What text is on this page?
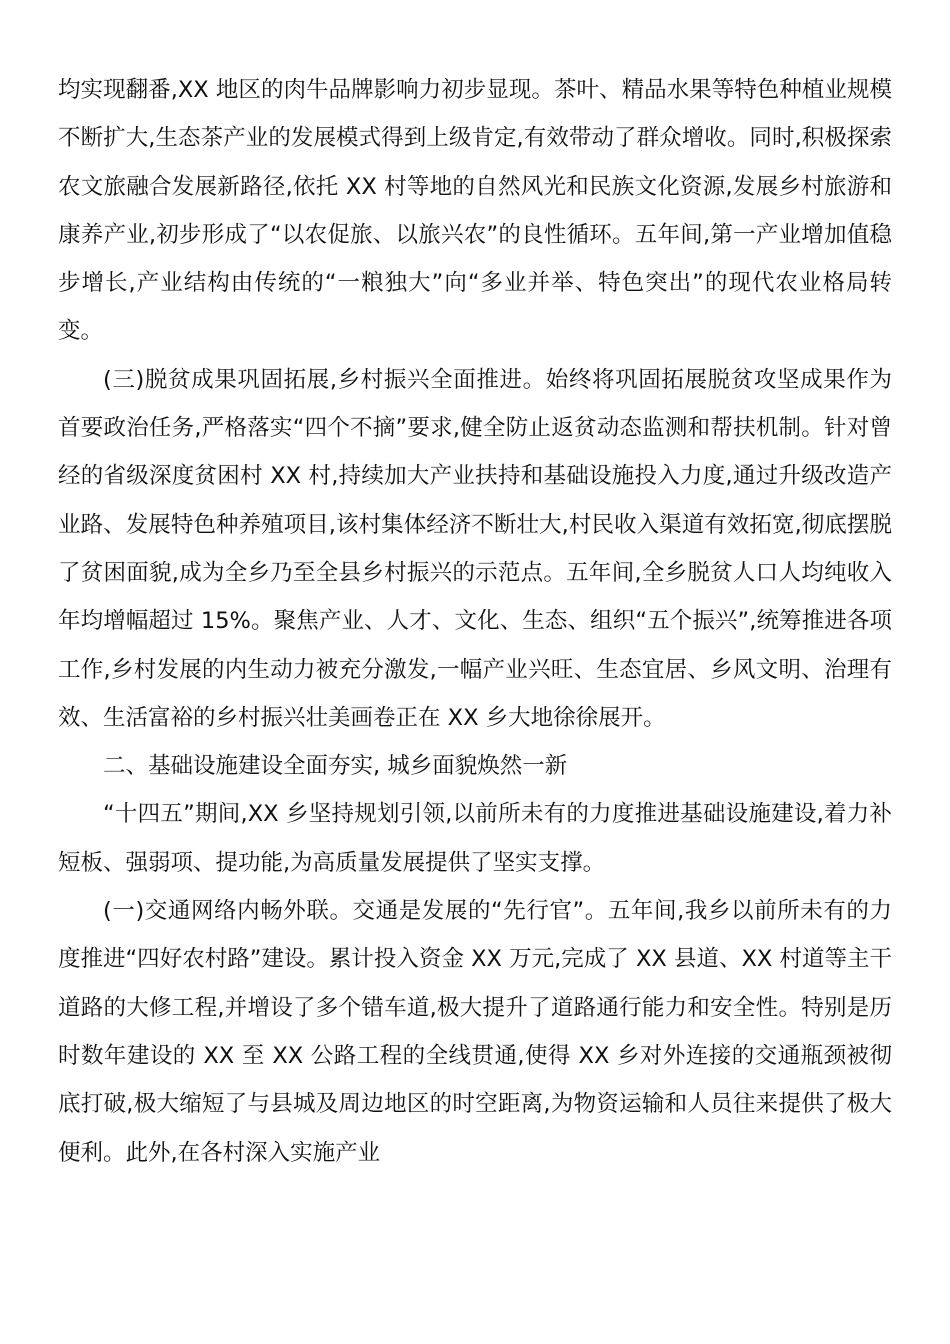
均实现翻番,XX 地区的肉牛品牌影响力初步显现。茶叶、精品水果等特色种植业规模不断扩大,生态茶产业的发展模式得到上级肯定,有效带动了群众增收。同时,积极探索农文旅融合发展新路径,依托 XX 村等地的自然风光和民族文化资源,发展乡村旅游和康养产业,初步形成了“以农促旅、以旅兴农”的良性循环。五年间,第一产业增加值稳步增长,产业结构由传统的“一粮独大”向“多业并举、特色突出”的现代农业格局转变。

(三)脱贫成果巩固拓展,乡村振兴全面推进。始终将巩固拓展脱贫攻坚成果作为首要政治任务,严格落实“四个不摘”要求,健全防止返贫动态监测和帮扶机制。针对曾经的省级深度贫困村 XX 村,持续加大产业扶持和基础设施投入力度,通过升级改造产业路、发展特色种养殖项目,该村集体经济不断壮大,村民收入渠道有效拓宽,彻底摆脱了贫困面貌,成为全乡乃至全县乡村振兴的示范点。五年间,全乡脱贫人口人均纯收入年均增幅超过 15%。聚焦产业、人才、文化、生态、组织“五个振兴”,统筹推进各项工作,乡村发展的内生动力被充分激发,一幅产业兴旺、生态宜居、乡风文明、治理有效、生活富裕的乡村振兴壮美画卷正在 XX 乡大地徐徐展开。

二、基础设施建设全面夯实, 城乡面貌焕然一新

“十四五”期间,XX 乡坚持规划引领,以前所未有的力度推进基础设施建设,着力补短板、强弱项、提功能,为高质量发展提供了坚实支撑。

(一)交通网络内畅外联。交通是发展的“先行官”。五年间,我乡以前所未有的力度推进“四好农村路”建设。累计投入资金 XX 万元,完成了 XX 县道、XX 村道等主干道路的大修工程,并增设了多个错车道,极大提升了道路通行能力和安全性。特别是历时数年建设的 XX 至 XX 公路工程的全线贯通,使得 XX 乡对外连接的交通瓶颈被彻底打破,极大缩短了与县城及周边地区的时空距离,为物资运输和人员往来提供了极大便利。此外,在各村深入实施产业
